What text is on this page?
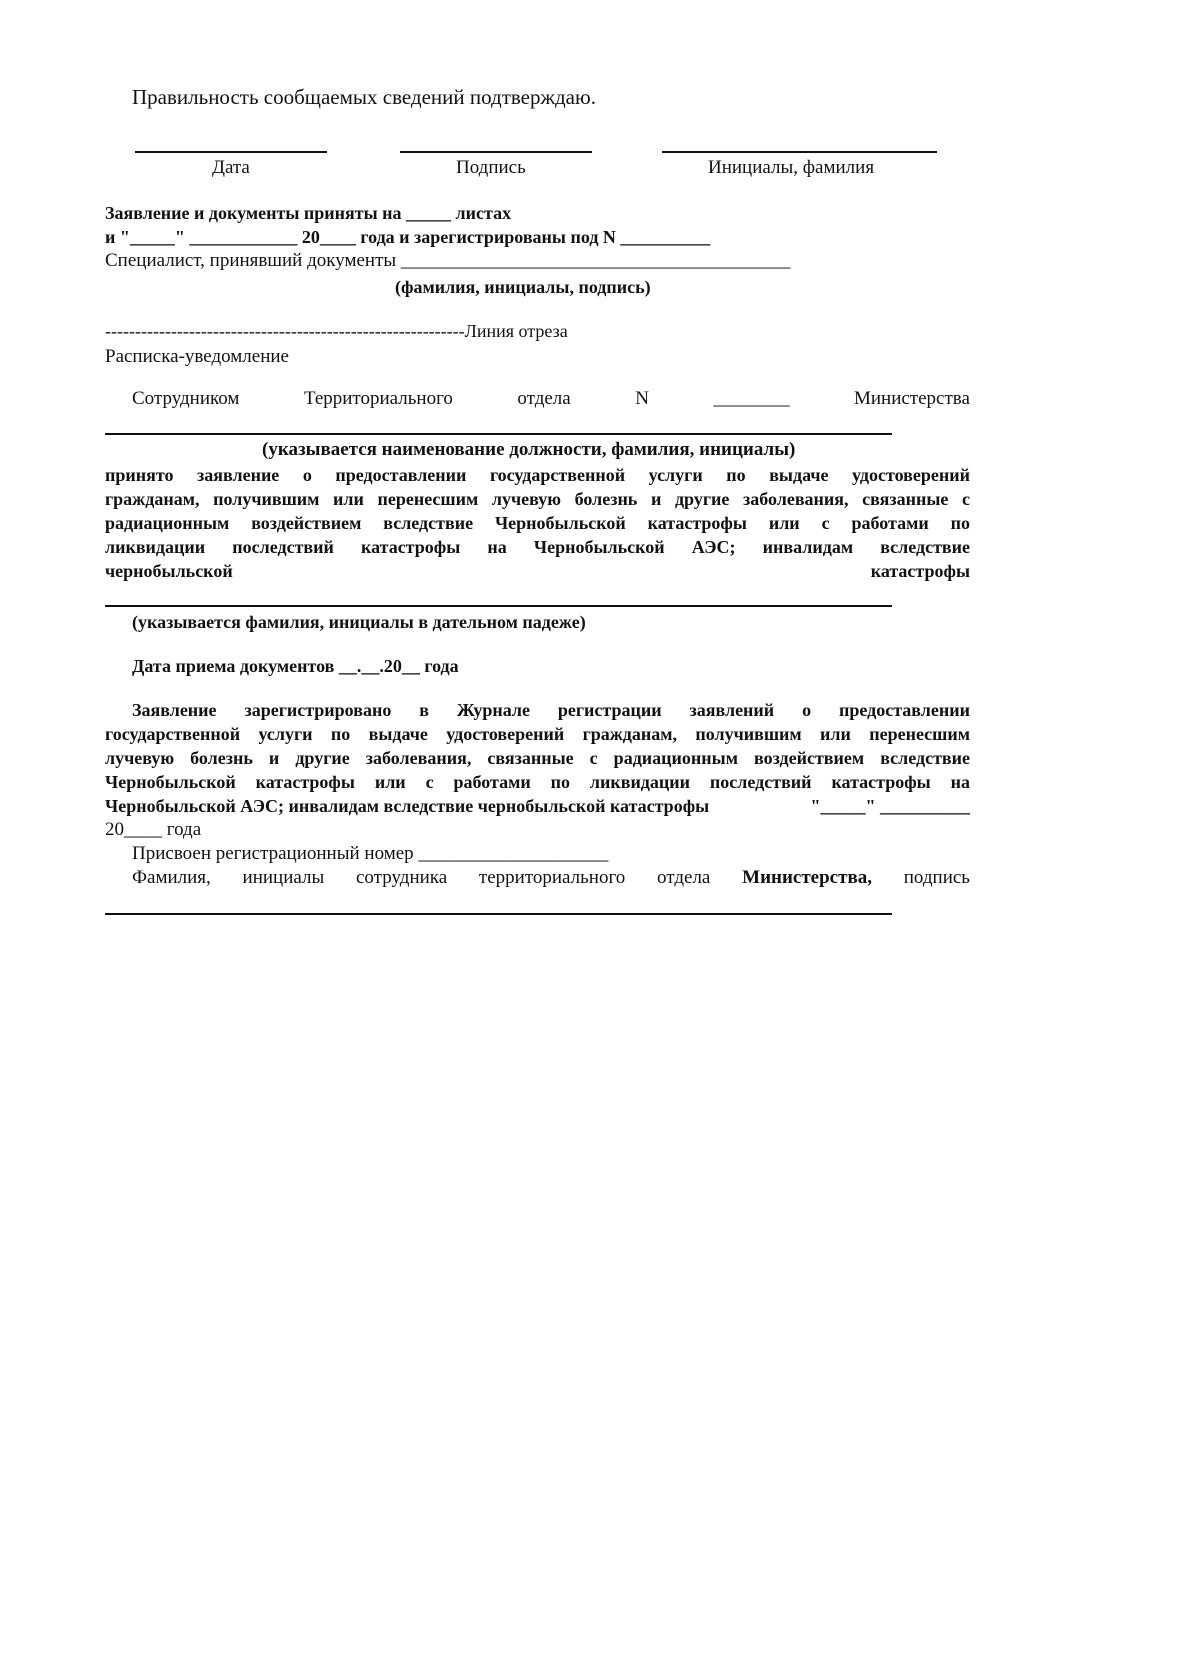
Правильность сообщаемых сведений подтверждаю.
Дата	Подпись	Инициалы, фамилия
Заявление и документы приняты на _____ листах
и "_____" ____________ 20____ года и зарегистрированы под N __________
Специалист, принявший документы _________________________________________
(фамилия, инициалы, подпись)
------------------------------------------------------------Линия отреза
Расписка-уведомление
Сотрудником	Территориального	отдела	N	________	Министерства
(указывается наименование должности, фамилия, инициалы)
принято заявление о предоставлении государственной услуги по выдаче удостоверений
гражданам, получившим или перенесшим лучевую болезнь и другие заболевания, связанные с
радиационным воздействием вследствие Чернобыльской катастрофы или с работами по
ликвидации последствий катастрофы на Чернобыльской АЭС; инвалидам вследствие
чернобыльской	катастрофы
(указывается фамилия, инициалы в дательном падеже)
Дата приема документов __.__.20__ года
Заявление зарегистрировано в Журнале регистрации заявлений о предоставлении
государственной услуги по выдаче удостоверений гражданам, получившим или перенесшим
лучевую болезнь и другие заболевания, связанные с радиационным воздействием вследствие
Чернобыльской катастрофы или с работами по ликвидации последствий катастрофы на
Чернобыльской АЭС; инвалидам вследствие чернобыльской катастрофы	"_____" __________
20____ года
Присвоен регистрационный номер ____________________
Фамилия, инициалы сотрудника территориального отдела Министерства, подпись
